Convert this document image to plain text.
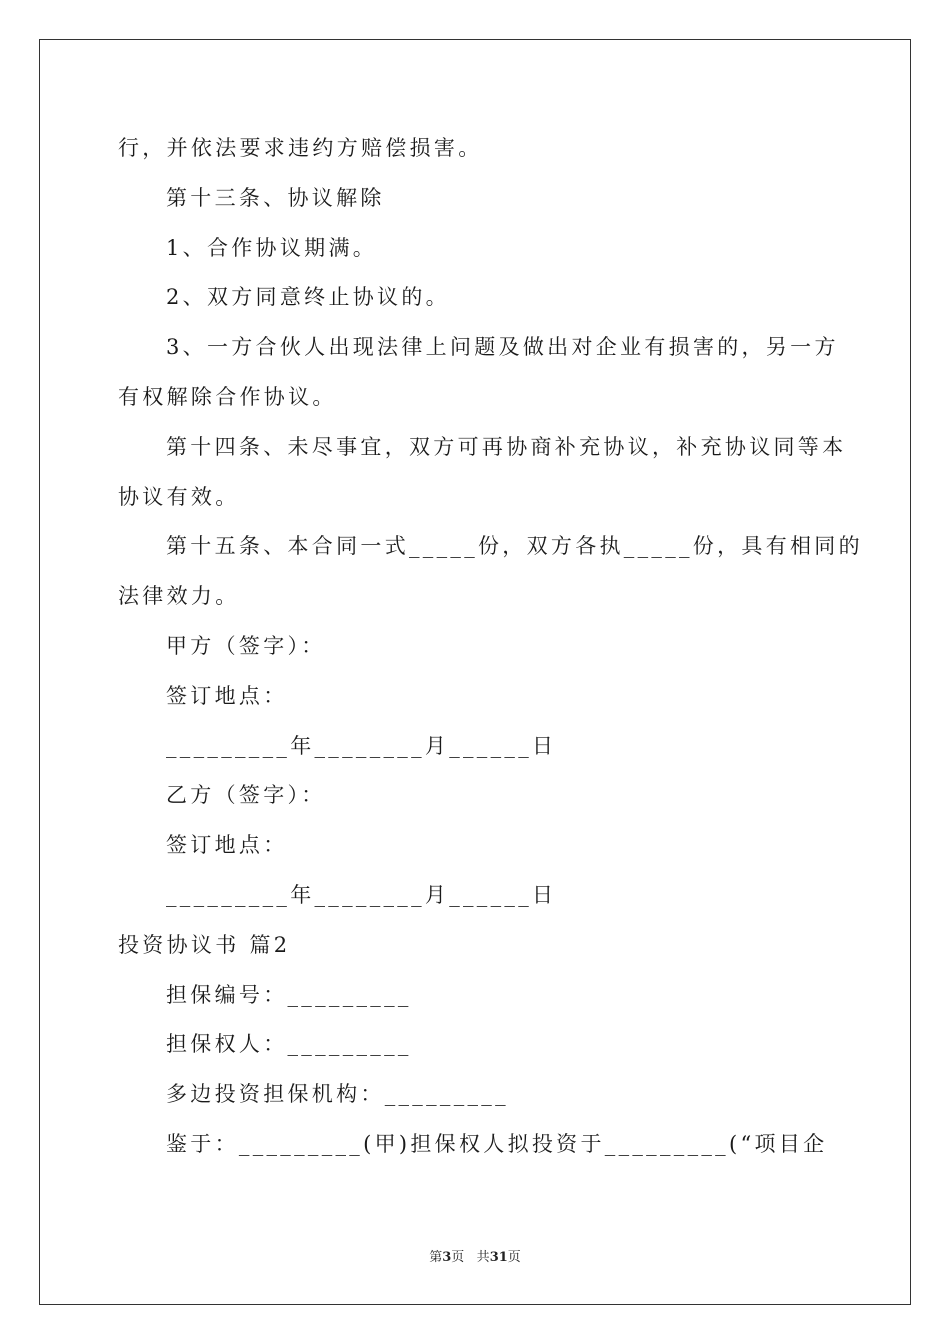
行，并依法要求违约方赔偿损害。
第十三条、协议解除
1、合作协议期满。
2、双方同意终止协议的。
3、一方合伙人出现法律上问题及做出对企业有损害的，另一方
有权解除合作协议。
第十四条、未尽事宜，双方可再协商补充协议，补充协议同等本
协议有效。
第十五条、本合同一式_____份，双方各执_____份，具有相同的
法律效力。
甲方（签字）：
签订地点：
_________年________月______日
乙方（签字）：
签订地点：
_________年________月______日
投资协议书 篇2
担保编号：_________
担保权人：_________
多边投资担保机构：_________
鉴于：_________(甲)担保权人拟投资于_________(“项目企
第3页 共31页
